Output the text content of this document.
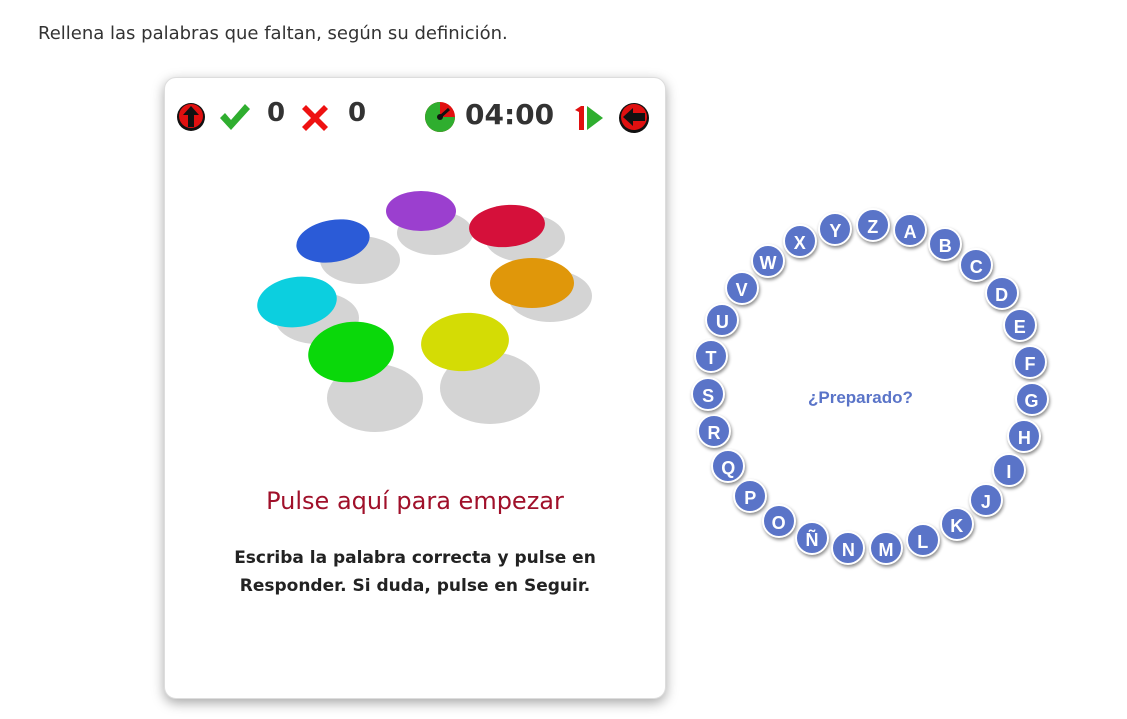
Rellena las palabras que faltan, según su definición.
0 0	04:00
Pulse aquí para empezar
Escriba la palabra correcta y pulse en Responder. Si duda, pulse en Seguir.
A
B
C
D
E
F
G
H
I
J
K
L
M
N
Ñ
O
P
Q
R
S
T
U
V
W
X
Y	Z
¿Preparado?
